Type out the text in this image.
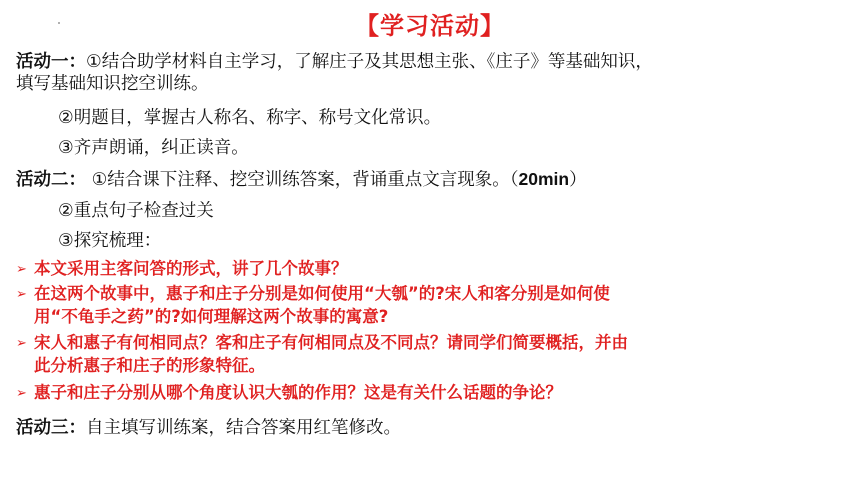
【学习活动】
活动一：①结合助学材料自主学习，了解庄子及其思想主张、《庄子》等基础知识，
填写基础知识挖空训练。
②明题目，掌握古人称名、称字、称号文化常识。
③齐声朗诵，纠正读音。
活动二： ①结合课下注释、挖空训练答案，背诵重点文言现象。（20min）
②重点句子检查过关
③探究梳理：
➢ 本文采用主客问答的形式，讲了几个故事？
➢ 在这两个故事中，惠子和庄子分别是如何使用“大瓠”的?宋人和客分别是如何使
用“不龟手之药”的?如何理解这两个故事的寓意?
➢ 宋人和惠子有何相同点？客和庄子有何相同点及不同点？请同学们简要概括，并由
此分析惠子和庄子的形象特征。
➢ 惠子和庄子分别从哪个角度认识大瓠的作用？这是有关什么话题的争论？
活动三：自主填写训练案，结合答案用红笔修改。
